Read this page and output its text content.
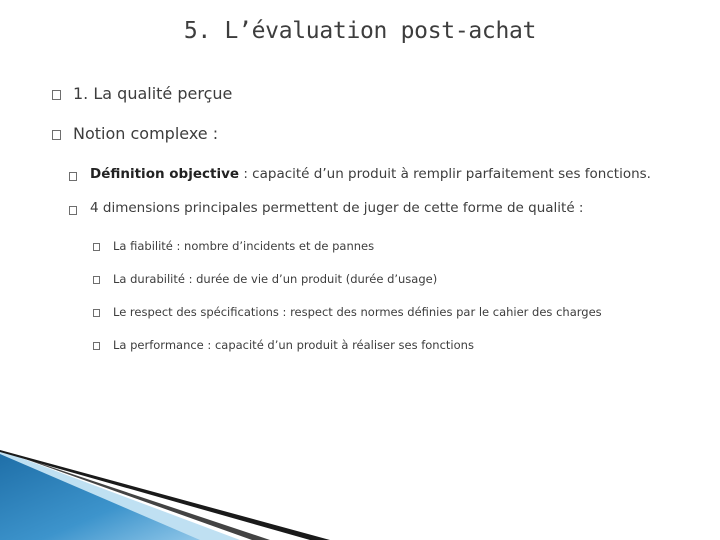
5. L’évaluation post-achat
1. La qualité perçue
Notion complexe :
Définition objective : capacité d’un produit à remplir parfaitement ses fonctions.
4 dimensions principales permettent de juger de cette forme de qualité :
La fiabilité : nombre d’incidents et de pannes
La durabilité : durée de vie d’un produit (durée d’usage)
Le respect des spécifications : respect des normes définies par le cahier des charges
La performance : capacité d’un produit à réaliser ses fonctions
